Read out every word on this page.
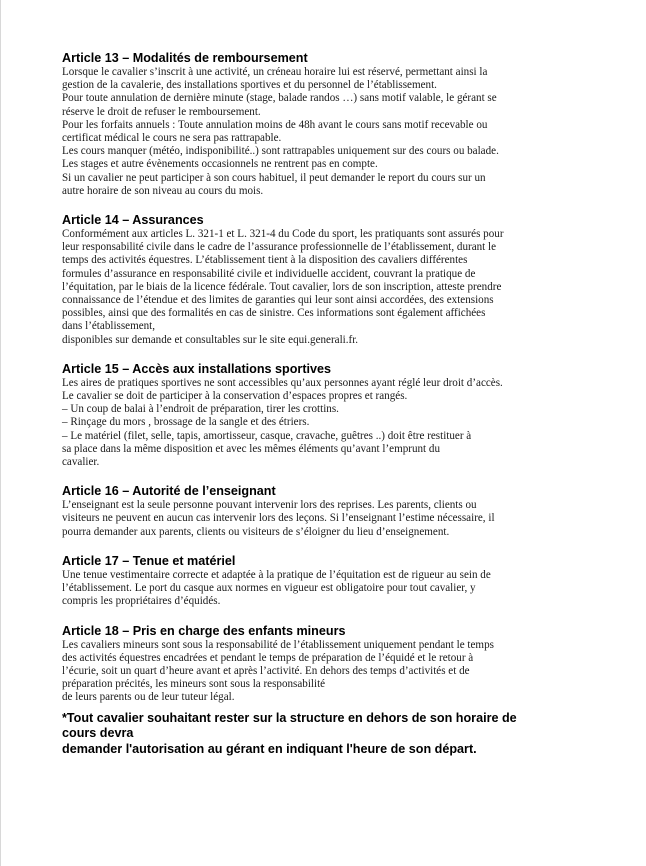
Article 13 – Modalités de remboursement
Lorsque le cavalier s’inscrit à une activité, un créneau horaire lui est réservé, permettant ainsi la
gestion de la cavalerie, des installations sportives et du personnel de l’établissement.
Pour toute annulation de dernière minute (stage, balade randos …) sans motif valable, le gérant se
réserve le droit de refuser le remboursement.
Pour les forfaits annuels : Toute annulation moins de 48h avant le cours sans motif recevable ou
certificat médical le cours ne sera pas rattrapable.
Les cours manquer (météo, indisponibilité..) sont rattrapables uniquement sur des cours ou balade.
Les stages et autre évènements occasionnels ne rentrent pas en compte.
Si un cavalier ne peut participer à son cours habituel, il peut demander le report du cours sur un
autre horaire de son niveau au cours du mois.
Article 14 – Assurances
Conformément aux articles L. 321-1 et L. 321-4 du Code du sport, les pratiquants sont assurés pour
leur responsabilité civile dans le cadre de l’assurance professionnelle de l’établissement, durant le
temps des activités équestres. L’établissement tient à la disposition des cavaliers différentes
formules d’assurance en responsabilité civile et individuelle accident, couvrant la pratique de
l’équitation, par le biais de la licence fédérale. Tout cavalier, lors de son inscription, atteste prendre
connaissance de l’étendue et des limites de garanties qui leur sont ainsi accordées, des extensions
possibles, ainsi que des formalités en cas de sinistre. Ces informations sont également affichées
dans l’établissement,
disponibles sur demande et consultables sur le site equi.generali.fr.
Article 15 – Accès aux installations sportives
Les aires de pratiques sportives ne sont accessibles qu’aux personnes ayant réglé leur droit d’accès.
Le cavalier se doit de participer à la conservation d’espaces propres et rangés.
– Un coup de balai à l’endroit de préparation, tirer les crottins.
– Rinçage du mors , brossage de la sangle et des étriers.
– Le matériel (filet, selle, tapis, amortisseur, casque, cravache, guêtres ..) doit être restituer à
sa place dans la même disposition et avec les mêmes éléments qu’avant l’emprunt du
cavalier.
Article 16 – Autorité de l’enseignant
L’enseignant est la seule personne pouvant intervenir lors des reprises. Les parents, clients ou
visiteurs ne peuvent en aucun cas intervenir lors des leçons. Si l’enseignant l’estime nécessaire, il
pourra demander aux parents, clients ou visiteurs de s’éloigner du lieu d’enseignement.
Article 17 – Tenue et matériel
Une tenue vestimentaire correcte et adaptée à la pratique de l’équitation est de rigueur au sein de
l’établissement. Le port du casque aux normes en vigueur est obligatoire pour tout cavalier, y
compris les propriétaires d’équidés.
Article 18 – Pris en charge des enfants mineurs
Les cavaliers mineurs sont sous la responsabilité de l’établissement uniquement pendant le temps
des activités équestres encadrées et pendant le temps de préparation de l’équidé et le retour à
l’écurie, soit un quart d’heure avant et après l’activité. En dehors des temps d’activités et de
préparation précités, les mineurs sont sous la responsabilité
de leurs parents ou de leur tuteur légal.
*Tout cavalier souhaitant rester sur la structure en dehors de son horaire de
cours devra
demander l'autorisation au gérant en indiquant l'heure de son départ.
